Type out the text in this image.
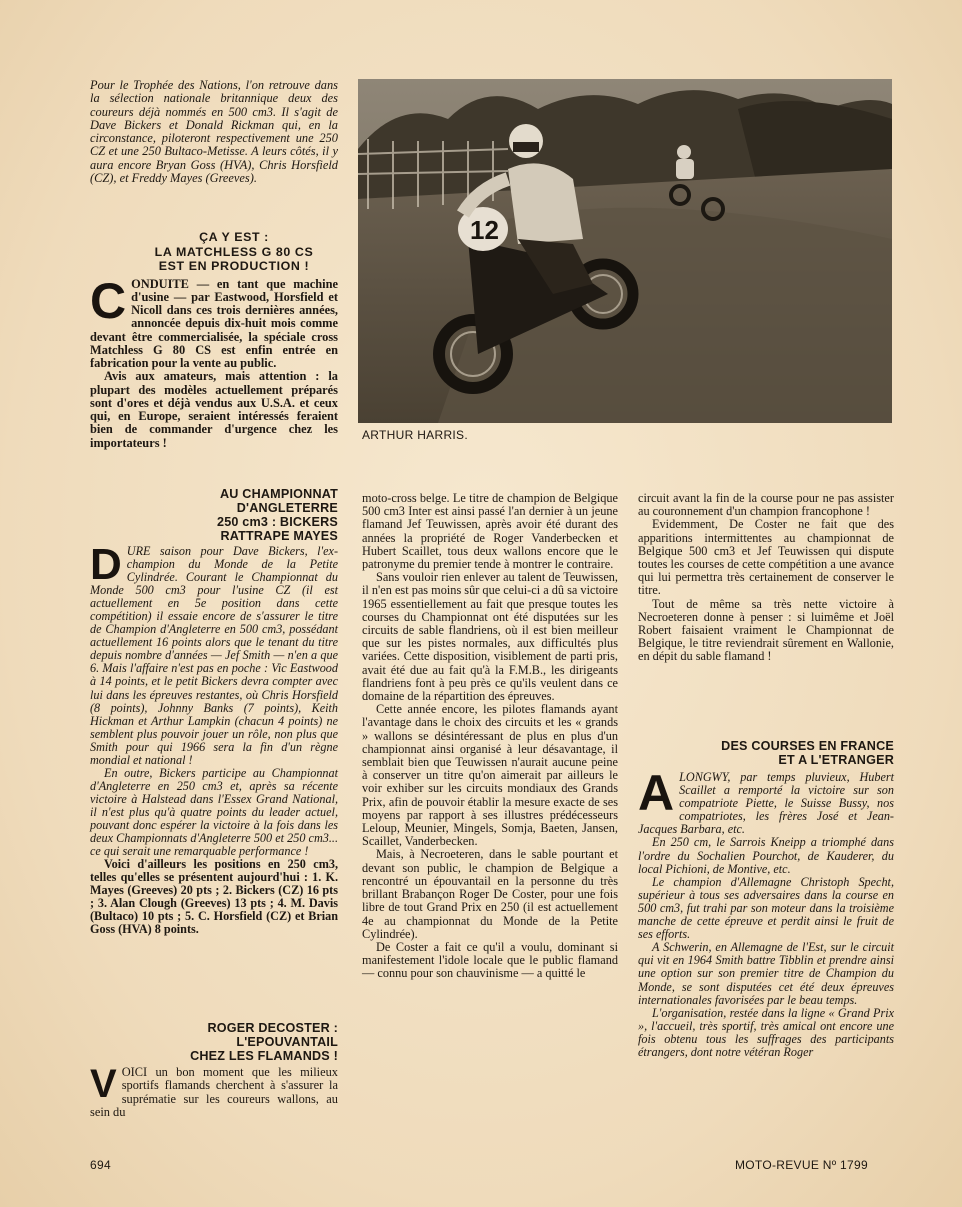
Pour le Trophée des Nations, l'on retrouve dans la sélection nationale britannique deux des coureurs déjà nommés en 500 cm3. Il s'agit de Dave Bickers et Donald Rickman qui, en la circonstance, piloteront respectivement une 250 CZ et une 250 Bultaco-Metisse. A leurs côtés, il y aura encore Bryan Goss (HVA), Chris Horsfield (CZ), et Freddy Mayes (Greeves).

ÇA Y EST :
LA MATCHLESS G 80 CS
EST EN PRODUCTION !

CONDUITE — en tant que machine d'usine — par Eastwood, Horsfield et Nicoll dans ces trois dernières années, annoncée depuis dix-huit mois comme devant être commercialisée, la spéciale cross Matchless G 80 CS est enfin entrée en fabrication pour la vente au public.

Avis aux amateurs, mais attention : la plupart des modèles actuellement préparés sont d'ores et déjà vendus aux U.S.A. et ceux qui, en Europe, seraient intéressés feraient bien de commander d'urgence chez les importateurs !

12
ARTHUR HARRIS.
AU CHAMPIONNAT
D'ANGLETERRE
250 cm3 : BICKERS
RATTRAPE MAYES

DURE saison pour Dave Bickers, l'ex-champion du Monde de la Petite Cylindrée. Courant le Championnat du Monde 500 cm3 pour l'usine CZ (il est actuellement en 5e position dans cette compétition) il essaie encore de s'assurer le titre de Champion d'Angleterre en 500 cm3, possédant actuellement 16 points alors que le tenant du titre depuis nombre d'années — Jef Smith — n'en a que 6. Mais l'affaire n'est pas en poche : Vic Eastwood à 14 points, et le petit Bickers devra compter avec lui dans les épreuves restantes, où Chris Horsfield (8 points), Johnny Banks (7 points), Keith Hickman et Arthur Lampkin (chacun 4 points) ne semblent plus pouvoir jouer un rôle, non plus que Smith pour qui 1966 sera la fin d'un règne mondial et national !

En outre, Bickers participe au Championnat d'Angleterre en 250 cm3 et, après sa récente victoire à Halstead dans l'Essex Grand National, il n'est plus qu'à quatre points du leader actuel, pouvant donc espérer la victoire à la fois dans les deux Championnats d'Angleterre 500 et 250 cm3... ce qui serait une remarquable performance !

Voici d'ailleurs les positions en 250 cm3, telles qu'elles se présentent aujourd'hui : 1. K. Mayes (Greeves) 20 pts ; 2. Bickers (CZ) 16 pts ; 3. Alan Clough (Greeves) 13 pts ; 4. M. Davis (Bultaco) 10 pts ; 5. C. Horsfield (CZ) et Brian Goss (HVA) 8 points.

ROGER DECOSTER :
L'EPOUVANTAIL
CHEZ LES FLAMANDS !

VOICI un bon moment que les milieux sportifs flamands cherchent à s'assurer la suprématie sur les coureurs wallons, au sein du

moto-cross belge. Le titre de champion de Belgique 500 cm3 Inter est ainsi passé l'an dernier à un jeune flamand Jef Teuwissen, après avoir été durant des années la propriété de Roger Vanderbecken et Hubert Scaillet, tous deux wallons encore que le patronyme du premier tende à montrer le contraire.

Sans vouloir rien enlever au talent de Teuwissen, il n'en est pas moins sûr que celui-ci a dû sa victoire 1965 essentiellement au fait que presque toutes les courses du Championnat ont été disputées sur les circuits de sable flandriens, où il est bien meilleur que sur les pistes normales, aux difficultés plus variées. Cette disposition, visiblement de parti pris, avait été due au fait qu'à la F.M.B., les dirigeants flandriens font à peu près ce qu'ils veulent dans ce domaine de la répartition des épreuves.

Cette année encore, les pilotes flamands ayant l'avantage dans le choix des circuits et les « grands » wallons se désintéressant de plus en plus d'un championnat ainsi organisé à leur désavantage, il semblait bien que Teuwissen n'aurait aucune peine à conserver un titre qu'on aimerait par ailleurs le voir exhiber sur les circuits mondiaux des Grands Prix, afin de pouvoir établir la mesure exacte de ses moyens par rapport à ses illustres prédécesseurs Leloup, Meunier, Mingels, Somja, Baeten, Jansen, Scaillet, Vanderbecken.

Mais, à Necroeteren, dans le sable pourtant et devant son public, le champion de Belgique a rencontré un épouvantail en la personne du très brillant Brabançon Roger De Coster, pour une fois libre de tout Grand Prix en 250 (il est actuellement 4e au championnat du Monde de la Petite Cylindrée).

De Coster a fait ce qu'il a voulu, dominant si manifestement l'idole locale que le public flamand — connu pour son chauvinisme — a quitté le

circuit avant la fin de la course pour ne pas assister au couronnement d'un champion francophone !

Evidemment, De Coster ne fait que des apparitions intermittentes au championnat de Belgique 500 cm3 et Jef Teuwissen qui dispute toutes les courses de cette compétition a une avance qui lui permettra très certainement de conserver le titre.

Tout de même sa très nette victoire à Necroeteren donne à penser : si luimême et Joël Robert faisaient vraiment le Championnat de Belgique, le titre reviendrait sûrement en Wallonie, en dépit du sable flamand !

DES COURSES EN FRANCE
ET A L'ETRANGER

ALONGWY, par temps pluvieux, Hubert Scaillet a remporté la victoire sur son compatriote Piette, le Suisse Bussy, nos compatriotes, les frères José et Jean-Jacques Barbara, etc.

En 250 cm, le Sarrois Kneipp a triomphé dans l'ordre du Sochalien Pourchot, de Kauderer, du local Pichioni, de Montive, etc.

Le champion d'Allemagne Christoph Specht, supérieur à tous ses adversaires dans la course en 500 cm3, fut trahi par son moteur dans la troisième manche de cette épreuve et perdit ainsi le fruit de ses efforts.

A Schwerin, en Allemagne de l'Est, sur le circuit qui vit en 1964 Smith battre Tibblin et prendre ainsi une option sur son premier titre de Champion du Monde, se sont disputées cet été deux épreuves internationales favorisées par le beau temps.

L'organisation, restée dans la ligne « Grand Prix », l'accueil, très sportif, très amical ont encore une fois obtenu tous les suffrages des participants étrangers, dont notre vétéran Roger

694	MOTO-REVUE Nº 1799
